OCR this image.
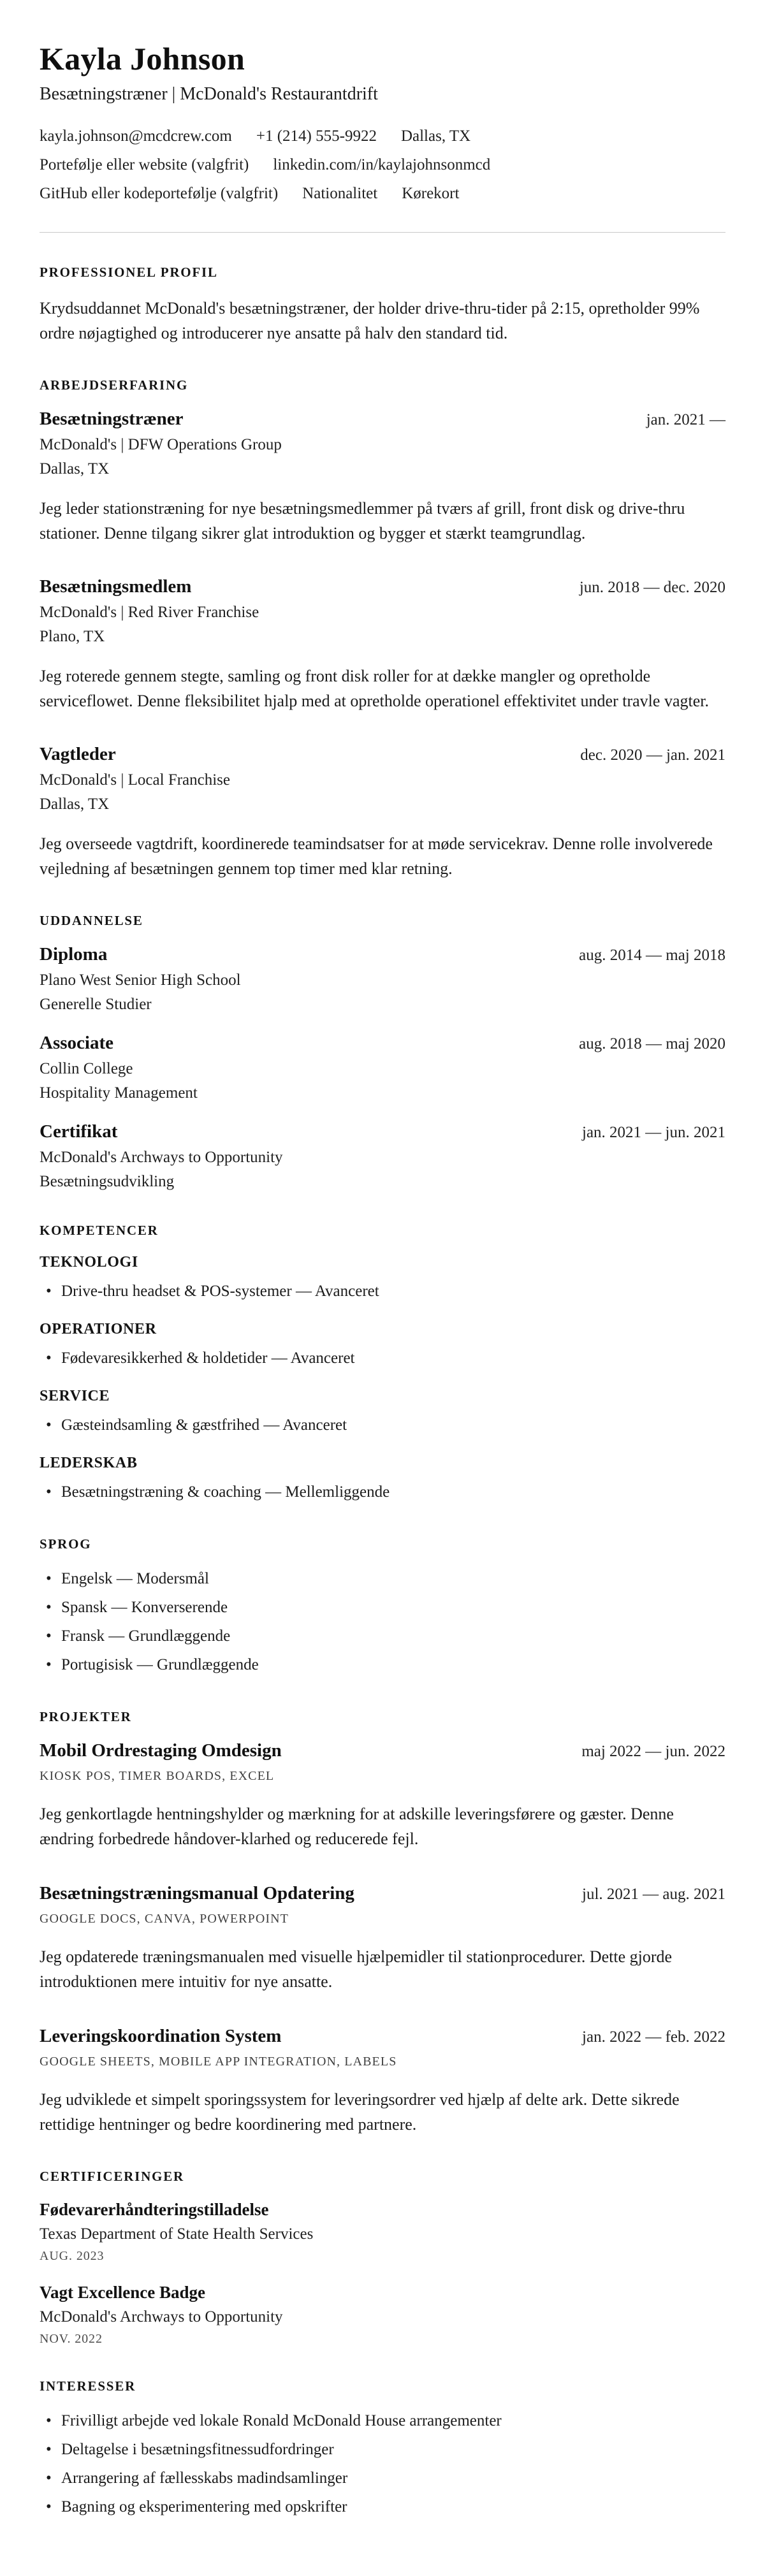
Kayla Johnson
Besætningstræner | McDonald's Restaurantdrift
kayla.johnson@mcdcrew.com +1 (214) 555-9922 Dallas, TX
Portefølje eller website (valgfrit) linkedin.com/in/kaylajohnsonmcd
GitHub eller kodeportefølje (valgfrit) Nationalitet Kørekort
PROFESSIONEL PROFIL

Krydsuddannet McDonald's besætningstræner, der holder drive-thru-tider på 2:15, opretholder 99% ordre nøjagtighed og introducerer nye ansatte på halv den standard tid.

ARBEJDSERFARING
Besætningstræner	jan. 2021 —
McDonald's | DFW Operations Group
Dallas, TX

Jeg leder stationstræning for nye besætningsmedlemmer på tværs af grill, front disk og drive-thru stationer. Denne tilgang sikrer glat introduktion og bygger et stærkt teamgrundlag.

Besætningsmedlem	jun. 2018 — dec. 2020
McDonald's | Red River Franchise
Plano, TX

Jeg roterede gennem stegte, samling og front disk roller for at dække mangler og opretholde serviceflowet. Denne fleksibilitet hjalp med at opretholde operationel effektivitet under travle vagter.

Vagtleder	dec. 2020 — jan. 2021
McDonald's | Local Franchise
Dallas, TX

Jeg overseede vagtdrift, koordinerede teamindsatser for at møde servicekrav. Denne rolle involverede vejledning af besætningen gennem top timer med klar retning.

UDDANNELSE
Diploma	aug. 2014 — maj 2018
Plano West Senior High School
Generelle Studier
Associate	aug. 2018 — maj 2020
Collin College
Hospitality Management
Certifikat	jan. 2021 — jun. 2021
McDonald's Archways to Opportunity
Besætningsudvikling
KOMPETENCER
TEKNOLOGI
• Drive-thru headset & POS-systemer — Avanceret
OPERATIONER
• Fødevaresikkerhed & holdetider — Avanceret
SERVICE
• Gæsteindsamling & gæstfrihed — Avanceret
LEDERSKAB
• Besætningstræning & coaching — Mellemliggende
SPROG
• Engelsk — Modersmål
• Spansk — Konverserende
• Fransk — Grundlæggende
• Portugisisk — Grundlæggende
PROJEKTER
Mobil Ordrestaging Omdesign	maj 2022 — jun. 2022
KIOSK POS, TIMER BOARDS, EXCEL

Jeg genkortlagde hentningshylder og mærkning for at adskille leveringsførere og gæster. Denne ændring forbedrede håndover-klarhed og reducerede fejl.

Besætningstræningsmanual Opdatering	jul. 2021 — aug. 2021
GOOGLE DOCS, CANVA, POWERPOINT

Jeg opdaterede træningsmanualen med visuelle hjælpemidler til stationprocedurer. Dette gjorde introduktionen mere intuitiv for nye ansatte.

Leveringskoordination System	jan. 2022 — feb. 2022
GOOGLE SHEETS, MOBILE APP INTEGRATION, LABELS

Jeg udviklede et simpelt sporingssystem for leveringsordrer ved hjælp af delte ark. Dette sikrede rettidige hentninger og bedre koordinering med partnere.

CERTIFICERINGER
Fødevarerhåndteringstilladelse
Texas Department of State Health Services
AUG. 2023
Vagt Excellence Badge
McDonald's Archways to Opportunity
NOV. 2022
INTERESSER
• Frivilligt arbejde ved lokale Ronald McDonald House arrangementer
• Deltagelse i besætningsfitnessudfordringer
• Arrangering af fællesskabs madindsamlinger
• Bagning og eksperimentering med opskrifter
